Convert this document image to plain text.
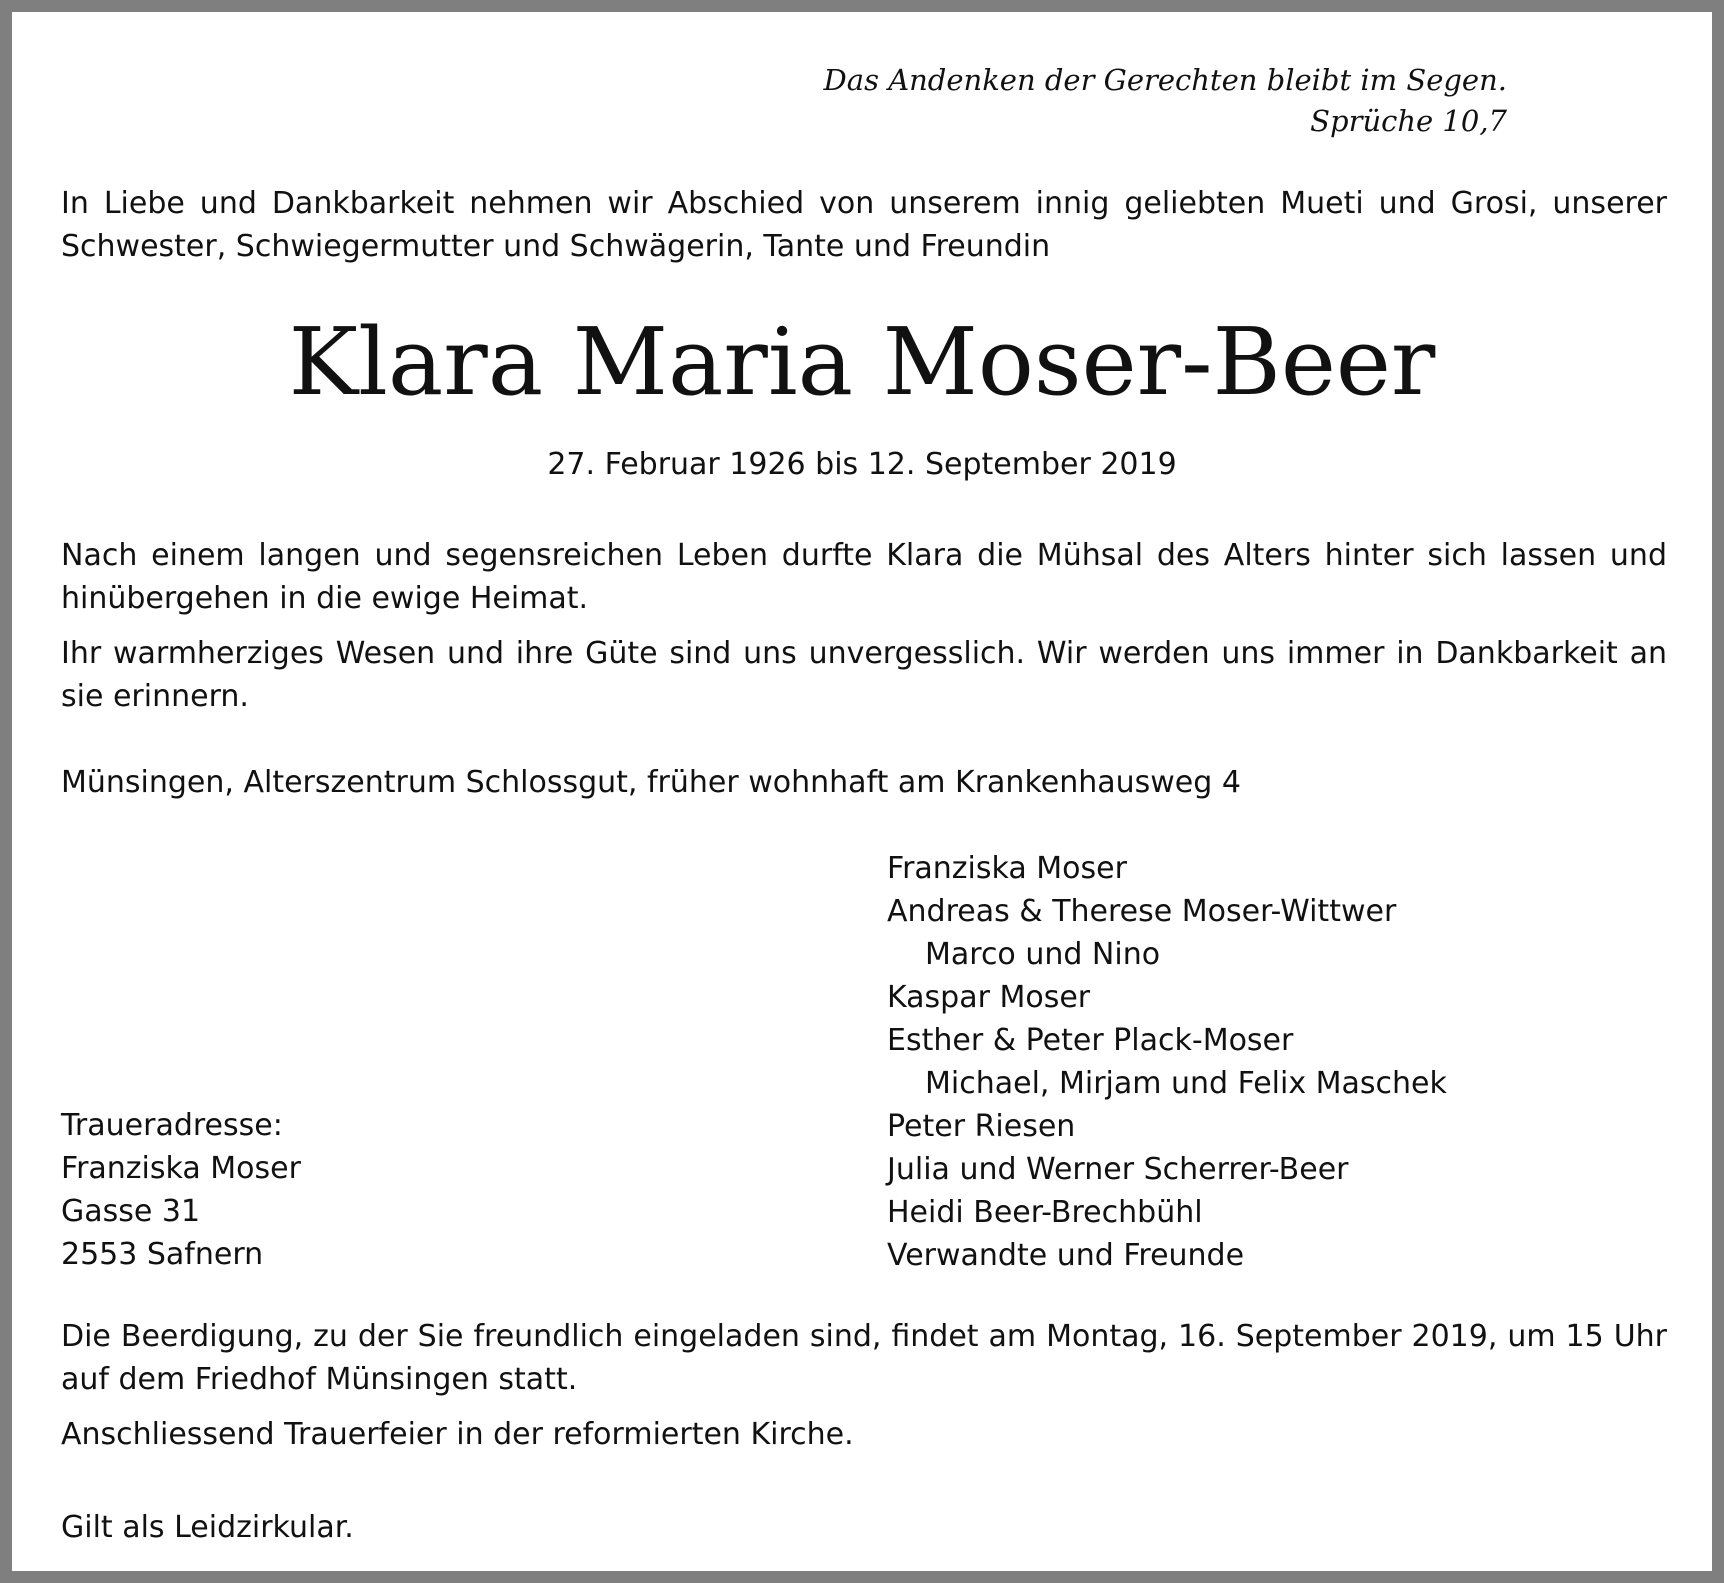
Das Andenken der Gerechten bleibt im Segen.
Sprüche 10,7
In Liebe und Dankbarkeit nehmen wir Abschied von unserem innig geliebten Mueti und Grosi, unserer Schwester, Schwiegermutter und Schwägerin, Tante und Freundin
Klara Maria Moser-Beer
27. Februar 1926 bis 12. September 2019
Nach einem langen und segensreichen Leben durfte Klara die Mühsal des Alters hinter sich lassen und hinübergehen in die ewige Heimat.
Ihr warmherziges Wesen und ihre Güte sind uns unvergesslich. Wir werden uns immer in Dankbarkeit an sie erinnern.
Münsingen, Alterszentrum Schlossgut, früher wohnhaft am Krankenhausweg 4
Franziska Moser
Andreas & Therese Moser-Wittwer
Marco und Nino
Kaspar Moser
Esther & Peter Plack-Moser
Michael, Mirjam und Felix Maschek
Peter Riesen
Julia und Werner Scherrer-Beer
Heidi Beer-Brechbühl
Verwandte und Freunde
Traueradresse:
Franziska Moser
Gasse 31
2553 Safnern
Die Beerdigung, zu der Sie freundlich eingeladen sind, findet am Montag, 16. September 2019, um 15 Uhr auf dem Friedhof Münsingen statt.
Anschliessend Trauerfeier in der reformierten Kirche.
Gilt als Leidzirkular.
